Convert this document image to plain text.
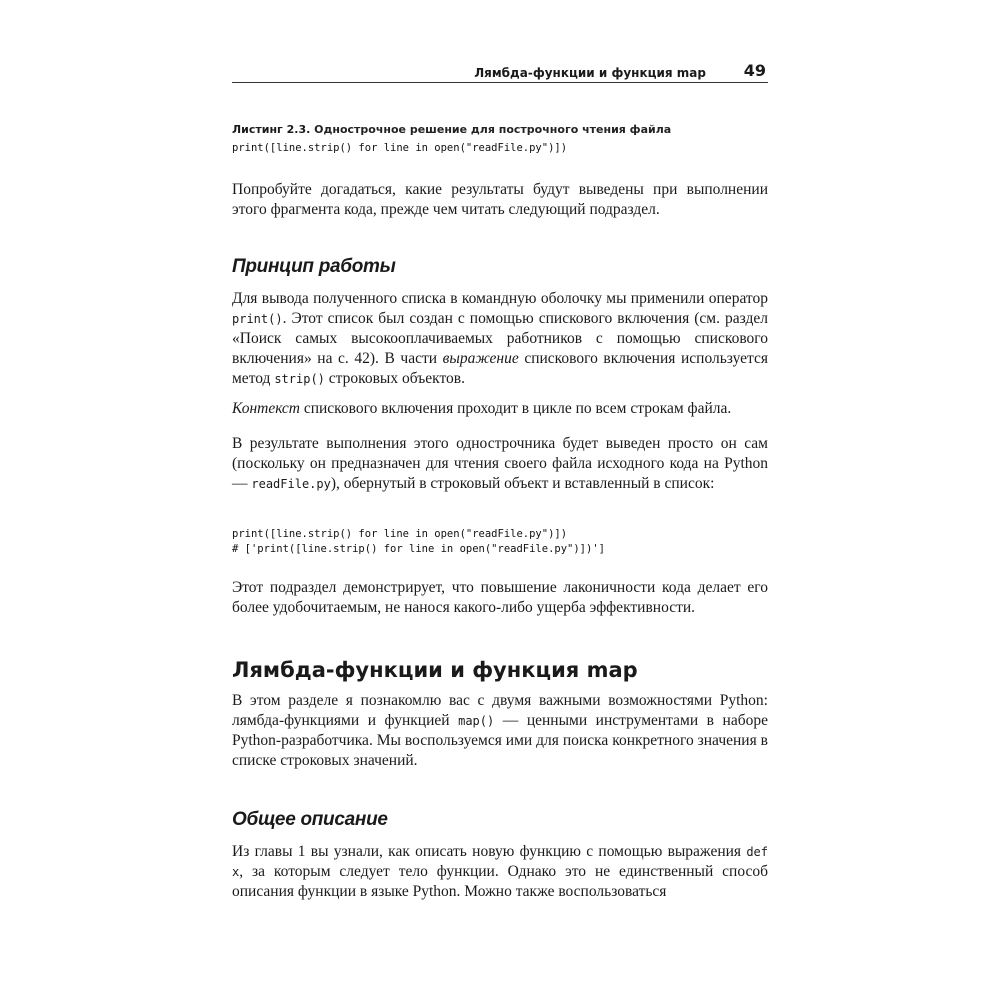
Лямбда-функции и функция map 49
Листинг 2.3. Однострочное решение для построчного чтения файла
print([line.strip() for line in open("readFile.py")])
Попробуйте догадаться, какие результаты будут выведены при выполнении этого фрагмента кода, прежде чем читать следующий подраздел.
Принцип работы
Для вывода полученного списка в командную оболочку мы применили оператор print(). Этот список был создан с помощью спискового включения (см. раздел «Поиск самых высокооплачиваемых работников с помощью спискового включения» на с. 42). В части выражение спискового включения используется метод strip() строковых объектов.
Контекст спискового включения проходит в цикле по всем строкам файла.
В результате выполнения этого однострочника будет выведен просто он сам (поскольку он предназначен для чтения своего файла исходного кода на Python — readFile.py), обернутый в строковый объект и вставленный в список:
print([line.strip() for line in open("readFile.py")])
# ['print([line.strip() for line in open("readFile.py")])']
Этот подраздел демонстрирует, что повышение лаконичности кода делает его более удобочитаемым, не нанося какого-либо ущерба эффективности.
Лямбда-функции и функция map
В этом разделе я познакомлю вас с двумя важными возможностями Python: лямбда-функциями и функцией map() — ценными инструментами в наборе Python-разработчика. Мы воспользуемся ими для поиска конкретного значения в списке строковых значений.
Общее описание
Из главы 1 вы узнали, как описать новую функцию с помощью выражения def x, за которым следует тело функции. Однако это не единственный способ описания функции в языке Python. Можно также воспользоваться
